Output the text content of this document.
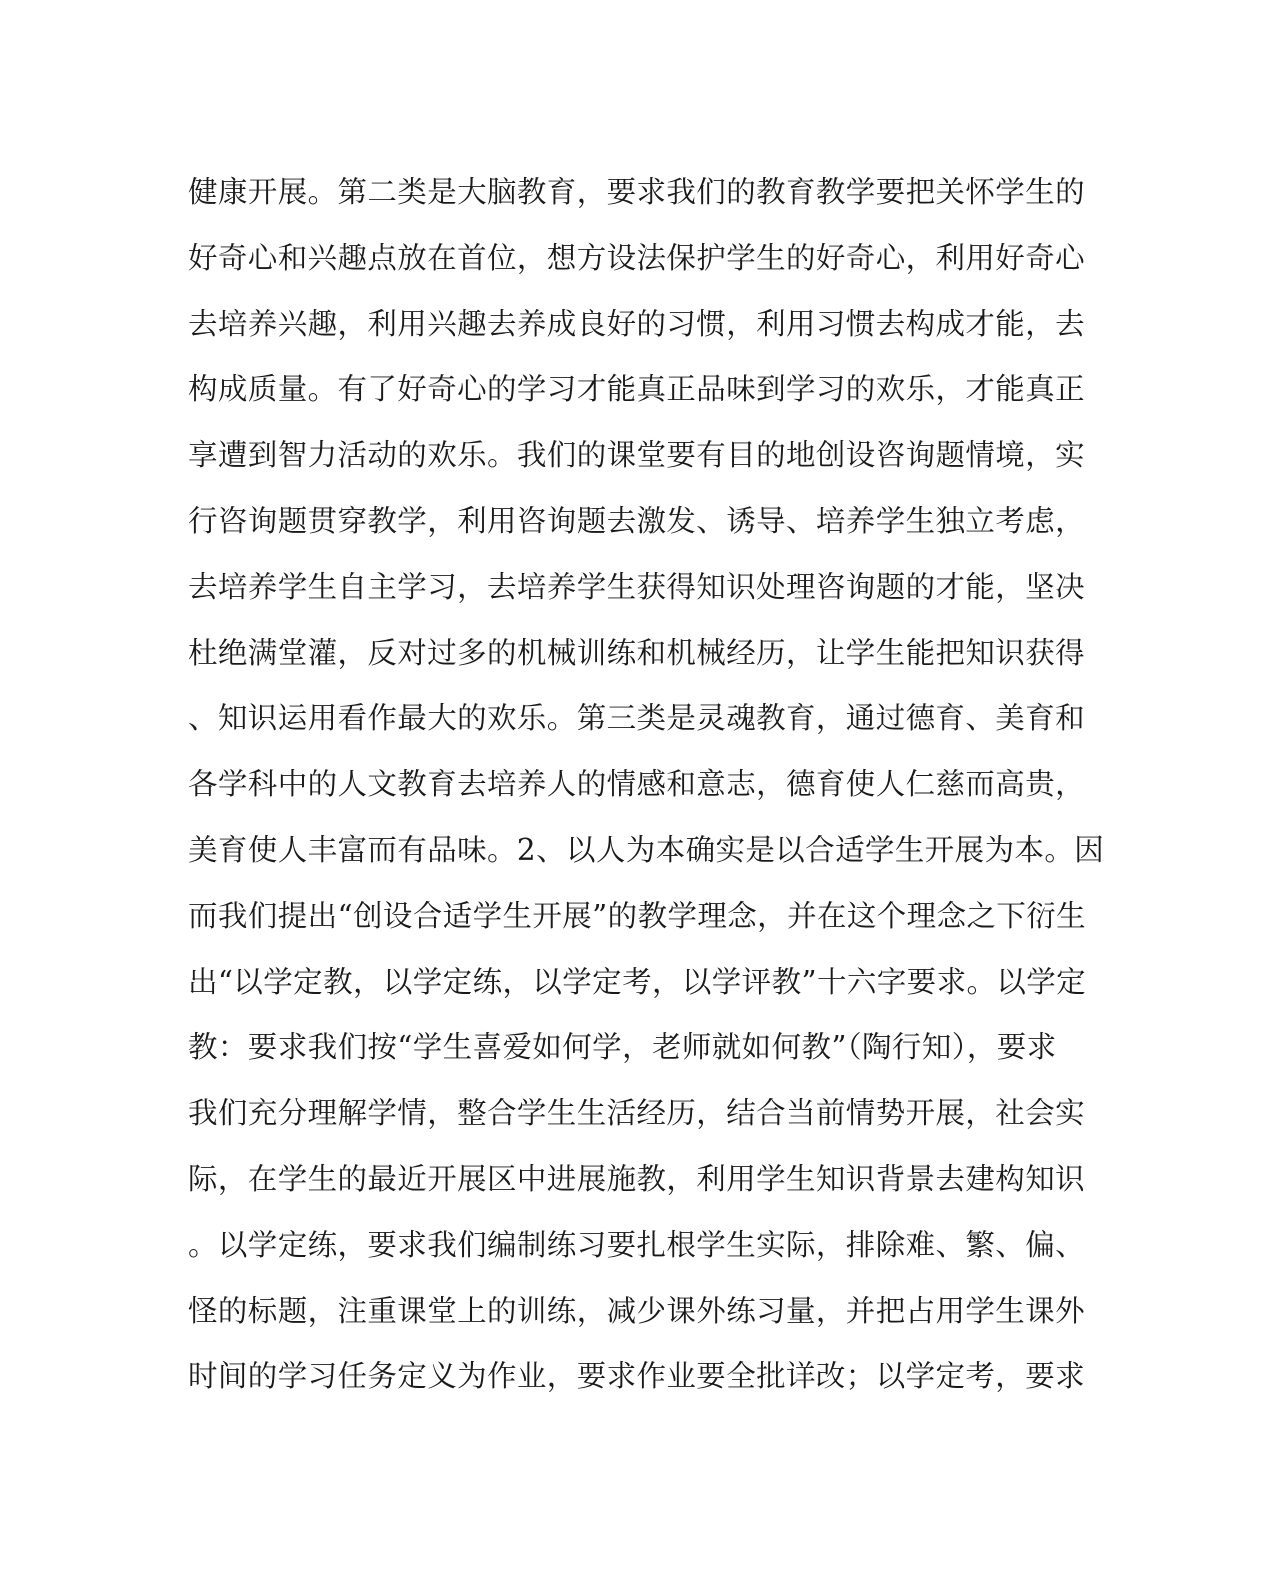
健康开展。第二类是大脑教育，要求我们的教育教学要把关怀学生的
好奇心和兴趣点放在首位，想方设法保护学生的好奇心，利用好奇心
去培养兴趣，利用兴趣去养成良好的习惯，利用习惯去构成才能，去
构成质量。有了好奇心的学习才能真正品味到学习的欢乐，才能真正
享遭到智力活动的欢乐。我们的课堂要有目的地创设咨询题情境，实
行咨询题贯穿教学，利用咨询题去激发、诱导、培养学生独立考虑，
去培养学生自主学习，去培养学生获得知识处理咨询题的才能，坚决
杜绝满堂灌，反对过多的机械训练和机械经历，让学生能把知识获得
、知识运用看作最大的欢乐。第三类是灵魂教育，通过德育、美育和
各学科中的人文教育去培养人的情感和意志，德育使人仁慈而高贵，
美育使人丰富而有品味。2、以人为本确实是以合适学生开展为本。因
而我们提出“创设合适学生开展”的教学理念，并在这个理念之下衍生
出“以学定教，以学定练，以学定考，以学评教”十六字要求。以学定
教：要求我们按“学生喜爱如何学，老师就如何教”（陶行知），要求
我们充分理解学情，整合学生生活经历，结合当前情势开展，社会实
际，在学生的最近开展区中进展施教，利用学生知识背景去建构知识
。以学定练，要求我们编制练习要扎根学生实际，排除难、繁、偏、
怪的标题，注重课堂上的训练，减少课外练习量，并把占用学生课外
时间的学习任务定义为作业，要求作业要全批详改；以学定考，要求
